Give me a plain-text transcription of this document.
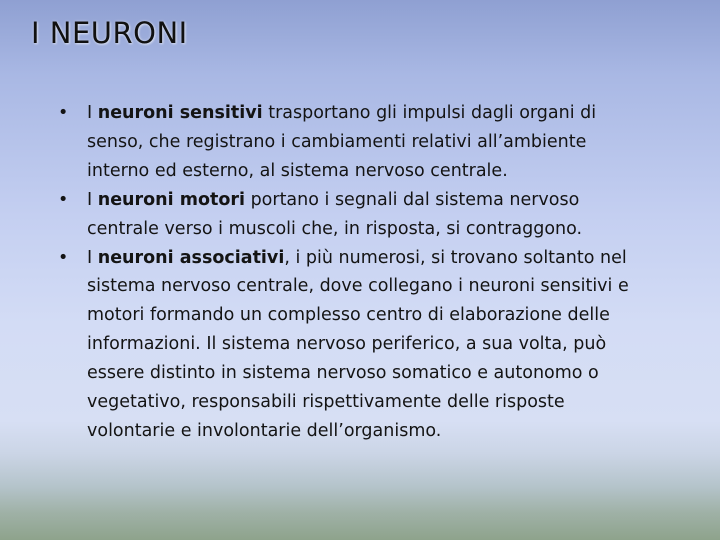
I NEURONI
• I neuroni sensitivi trasportano gli impulsi dagli organi di senso, che registrano i cambiamenti relativi all’ambiente interno ed esterno, al sistema nervoso centrale.
• I neuroni motori portano i segnali dal sistema nervoso centrale verso i muscoli che, in risposta, si contraggono.
• I neuroni associativi, i più numerosi, si trovano soltanto nel sistema nervoso centrale, dove collegano i neuroni sensitivi e motori formando un complesso centro di elaborazione delle informazioni. Il sistema nervoso periferico, a sua volta, può essere distinto in sistema nervoso somatico e autonomo o vegetativo, responsabili rispettivamente delle risposte volontarie e involontarie dell’organismo.
